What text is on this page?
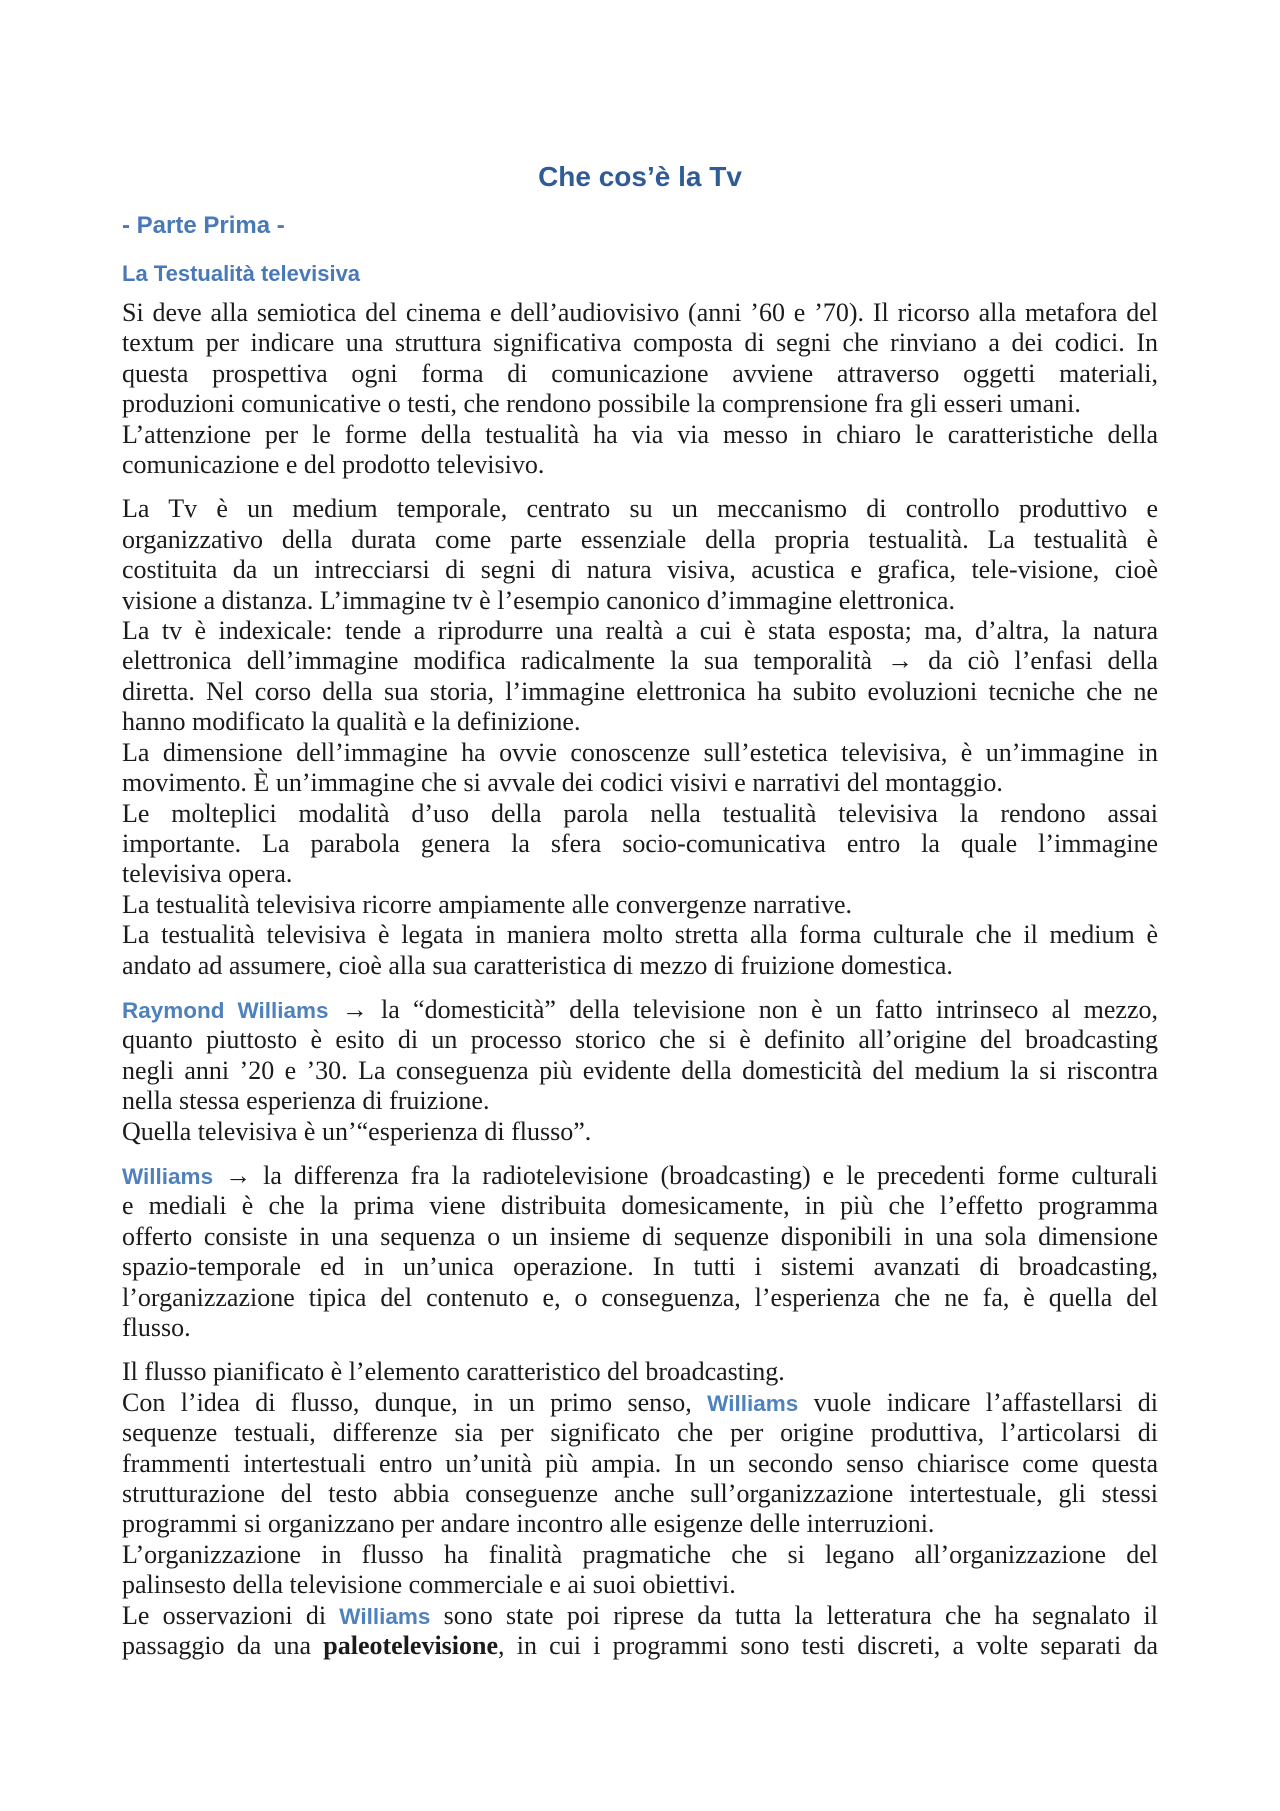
Che cos’è la Tv
- Parte Prima -
La Testualità televisiva
Si deve alla semiotica del cinema e dell’audiovisivo (anni ’60 e ’70). Il ricorso alla metafora del
textum per indicare una struttura significativa composta di segni che rinviano a dei codici. In
questa prospettiva ogni forma di comunicazione avviene attraverso oggetti materiali,
produzioni comunicative o testi, che rendono possibile la comprensione fra gli esseri umani.
L’attenzione per le forme della testualità ha via via messo in chiaro le caratteristiche della
comunicazione e del prodotto televisivo.
La Tv è un medium temporale, centrato su un meccanismo di controllo produttivo e
organizzativo della durata come parte essenziale della propria testualità. La testualità è
costituita da un intrecciarsi di segni di natura visiva, acustica e grafica, tele-visione, cioè
visione a distanza. L’immagine tv è l’esempio canonico d’immagine elettronica.
La tv è indexicale: tende a riprodurre una realtà a cui è stata esposta; ma, d’altra, la natura
elettronica dell’immagine modifica radicalmente la sua temporalità → da ciò l’enfasi della
diretta. Nel corso della sua storia, l’immagine elettronica ha subito evoluzioni tecniche che ne
hanno modificato la qualità e la definizione.
La dimensione dell’immagine ha ovvie conoscenze sull’estetica televisiva, è un’immagine in
movimento. È un’immagine che si avvale dei codici visivi e narrativi del montaggio.
Le molteplici modalità d’uso della parola nella testualità televisiva la rendono assai
importante. La parabola genera la sfera socio-comunicativa entro la quale l’immagine
televisiva opera.
La testualità televisiva ricorre ampiamente alle convergenze narrative.
La testualità televisiva è legata in maniera molto stretta alla forma culturale che il medium è
andato ad assumere, cioè alla sua caratteristica di mezzo di fruizione domestica.
Raymond Williams → la “domesticità” della televisione non è un fatto intrinseco al mezzo,
quanto piuttosto è esito di un processo storico che si è definito all’origine del broadcasting
negli anni ’20 e ’30. La conseguenza più evidente della domesticità del medium la si riscontra
nella stessa esperienza di fruizione.
Quella televisiva è un’“esperienza di flusso”.
Williams → la differenza fra la radiotelevisione (broadcasting) e le precedenti forme culturali
e mediali è che la prima viene distribuita domesicamente, in più che l’effetto programma
offerto consiste in una sequenza o un insieme di sequenze disponibili in una sola dimensione
spazio-temporale ed in un’unica operazione. In tutti i sistemi avanzati di broadcasting,
l’organizzazione tipica del contenuto e, o conseguenza, l’esperienza che ne fa, è quella del
flusso.
Il flusso pianificato è l’elemento caratteristico del broadcasting.
Con l’idea di flusso, dunque, in un primo senso, Williams vuole indicare l’affastellarsi di
sequenze testuali, differenze sia per significato che per origine produttiva, l’articolarsi di
frammenti intertestuali entro un’unità più ampia. In un secondo senso chiarisce come questa
strutturazione del testo abbia conseguenze anche sull’organizzazione intertestuale, gli stessi
programmi si organizzano per andare incontro alle esigenze delle interruzioni.
L’organizzazione in flusso ha finalità pragmatiche che si legano all’organizzazione del
palinsesto della televisione commerciale e ai suoi obiettivi.
Le osservazioni di Williams sono state poi riprese da tutta la letteratura che ha segnalato il
passaggio da una paleotelevisione, in cui i programmi sono testi discreti, a volte separati da
